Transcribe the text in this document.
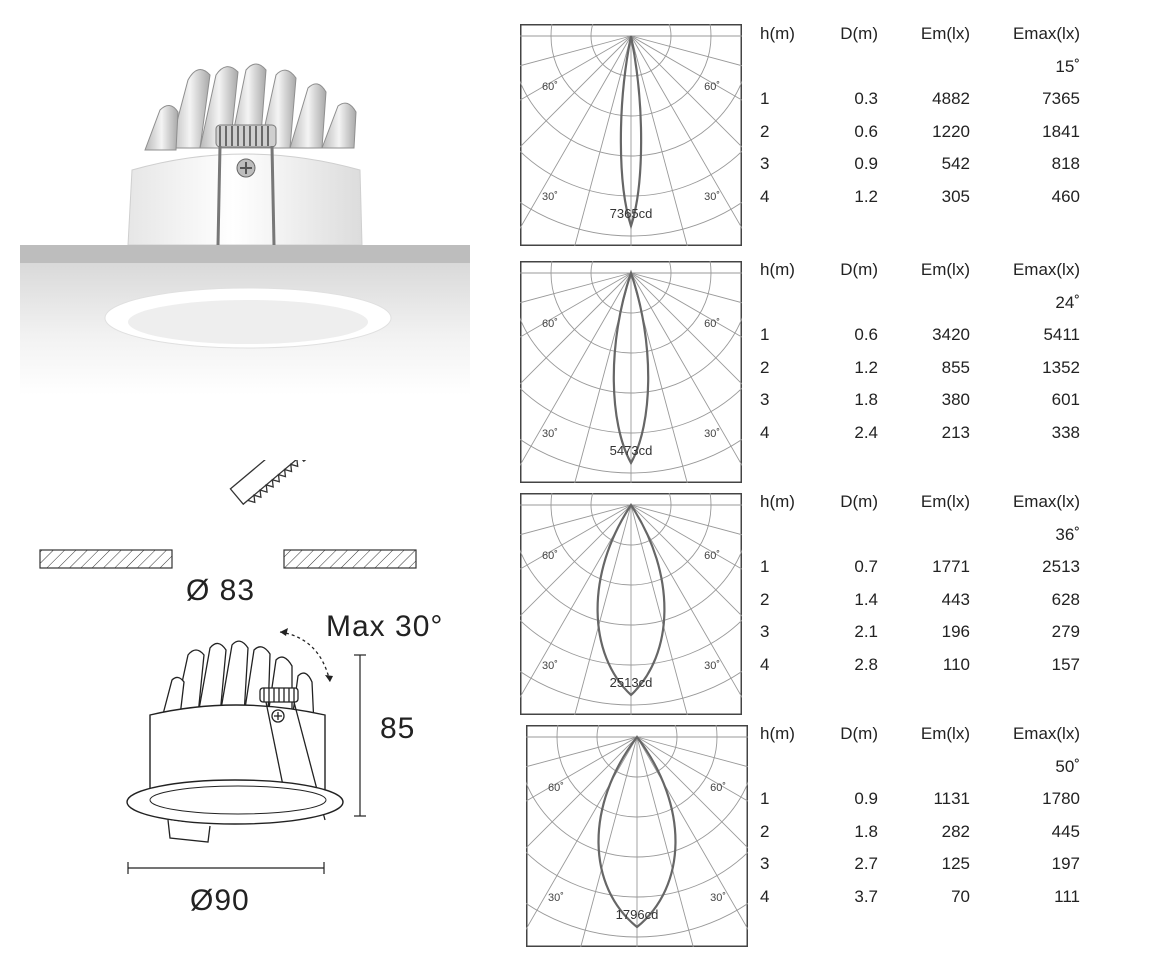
Ø 83
Max 30°
85
Ø90
60˚	60˚
30˚	30˚
7365cd
h(m)	D(m)	Em(lx)	Emax(lx)
			15˚
1	0.3	4882	7365
2	0.6	1220	1841
3	0.9	542	818
4	1.2	305	460
60˚	60˚
30˚	30˚
5473cd
h(m)	D(m)	Em(lx)	Emax(lx)
			24˚
1	0.6	3420	5411
2	1.2	855	1352
3	1.8	380	601
4	2.4	213	338
60˚	60˚
30˚	30˚
2513cd
h(m)	D(m)	Em(lx)	Emax(lx)
			36˚
1	0.7	1771	2513
2	1.4	443	628
3	2.1	196	279
4	2.8	110	157
60˚	60˚
30˚	30˚
1796cd
h(m)	D(m)	Em(lx)	Emax(lx)
			50˚
1	0.9	1131	1780
2	1.8	282	445
3	2.7	125	197
4	3.7	70	111
